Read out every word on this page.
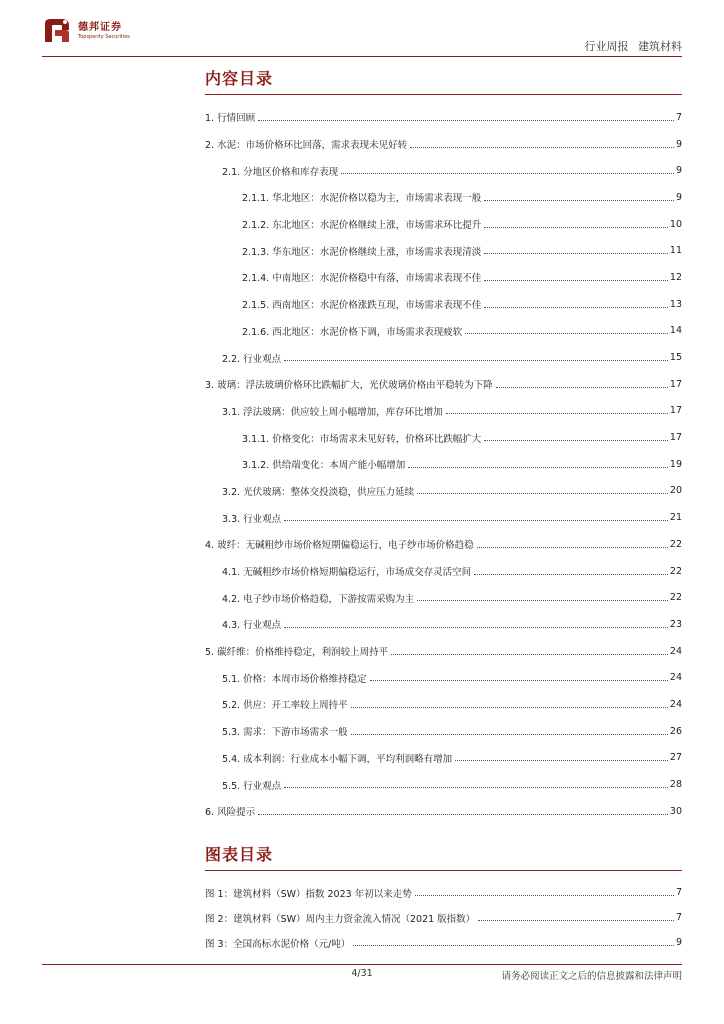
德邦证券
Topsperity Securities
行业周报 建筑材料
内容目录
1. 行情回顾	7
2. 水泥：市场价格环比回落，需求表现未见好转	9
2.1. 分地区价格和库存表现	9
2.1.1. 华北地区：水泥价格以稳为主，市场需求表现一般	9
2.1.2. 东北地区：水泥价格继续上涨，市场需求环比提升	10
2.1.3. 华东地区：水泥价格继续上涨，市场需求表现清淡	11
2.1.4. 中南地区：水泥价格稳中有落，市场需求表现不佳	12
2.1.5. 西南地区：水泥价格涨跌互现，市场需求表现不佳	13
2.1.6. 西北地区：水泥价格下调，市场需求表现疲软	14
2.2. 行业观点	15
3. 玻璃：浮法玻璃价格环比跌幅扩大，光伏玻璃价格由平稳转为下降	17
3.1. 浮法玻璃：供应较上周小幅增加，库存环比增加	17
3.1.1. 价格变化：市场需求未见好转，价格环比跌幅扩大	17
3.1.2. 供给端变化：本周产能小幅增加	19
3.2. 光伏玻璃：整体交投淡稳，供应压力延续	20
3.3. 行业观点	21
4. 玻纤：无碱粗纱市场价格短期偏稳运行，电子纱市场价格趋稳	22
4.1. 无碱粗纱市场价格短期偏稳运行，市场成交存灵活空间	22
4.2. 电子纱市场价格趋稳，下游按需采购为主	22
4.3. 行业观点	23
5. 碳纤维：价格维持稳定，利润较上周持平	24
5.1. 价格：本周市场价格维持稳定	24
5.2. 供应：开工率较上周持平	24
5.3. 需求：下游市场需求一般	26
5.4. 成本利润：行业成本小幅下调，平均利润略有增加	27
5.5. 行业观点	28
6. 风险提示	30
图表目录
图 1：建筑材料（SW）指数 2023 年初以来走势	7
图 2：建筑材料（SW）周内主力资金流入情况（2021 版指数）	7
图 3：全国高标水泥价格（元/吨）	9
4/31	请务必阅读正文之后的信息披露和法律声明
